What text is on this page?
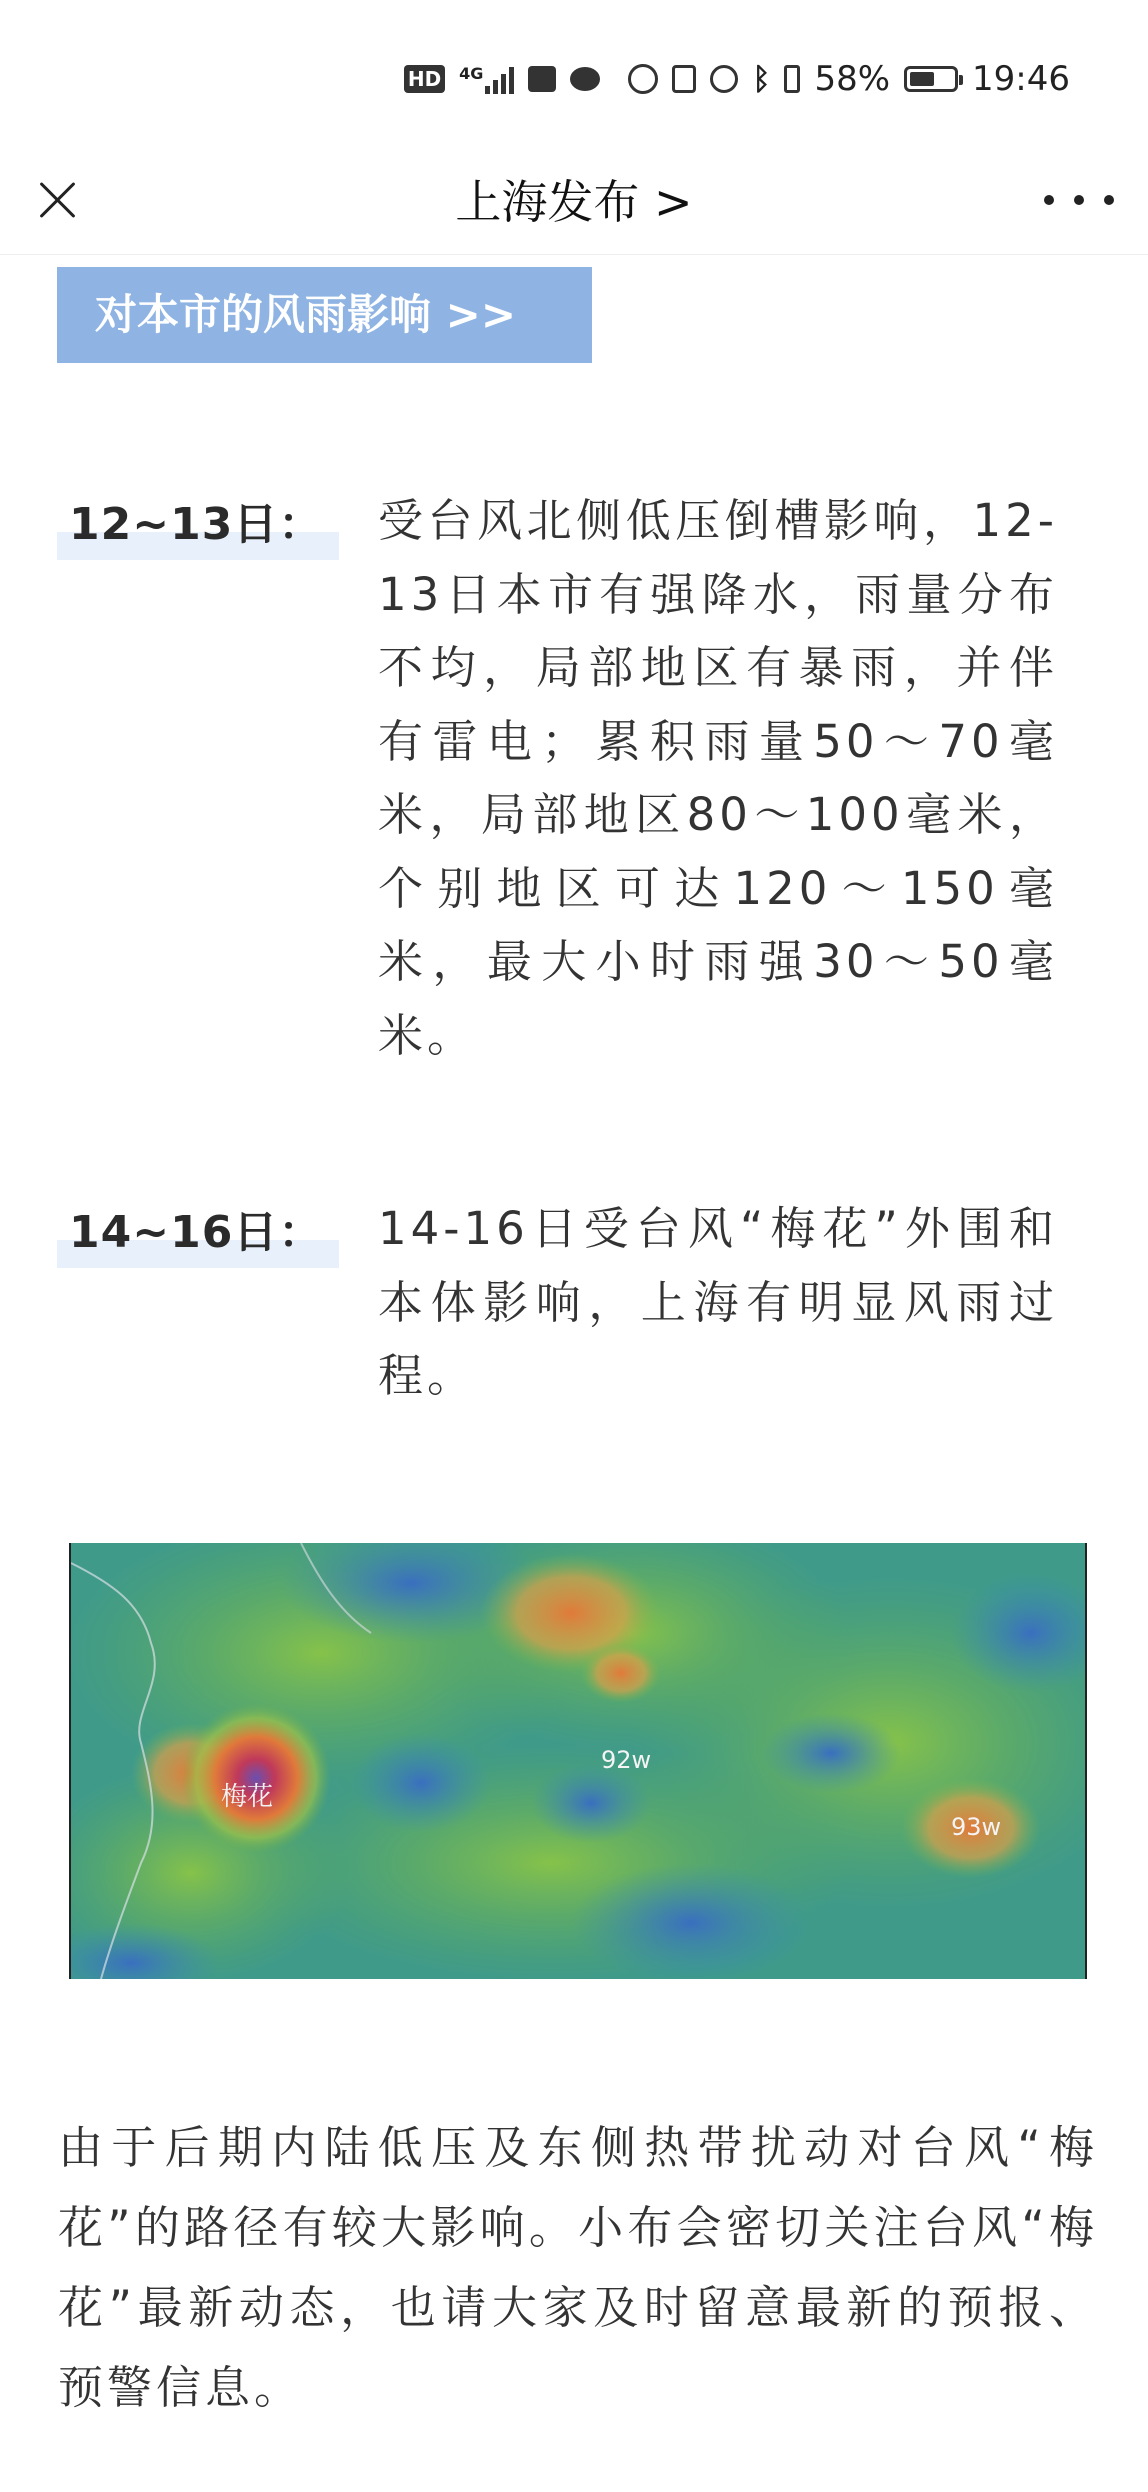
HD 4G	ᛒ 58% 19:46
上海发布 >
对本市的风雨影响 >>
12~13日：	受台风北侧低压倒槽影响，12-13日本市有强降水，雨量分布不均，局部地区有暴雨，并伴有雷电；累积雨量50～70毫米，局部地区80～100毫米，个别地区可达120～150毫米，最大小时雨强30～50毫米。
14~16日：	14-16日受台风“梅花”外围和本体影响，上海有明显风雨过程。
梅花
92w
93w
由于后期内陆低压及东侧热带扰动对台风“梅花”的路径有较大影响。小布会密切关注台风“梅花”最新动态，也请大家及时留意最新的预报、预警信息。
